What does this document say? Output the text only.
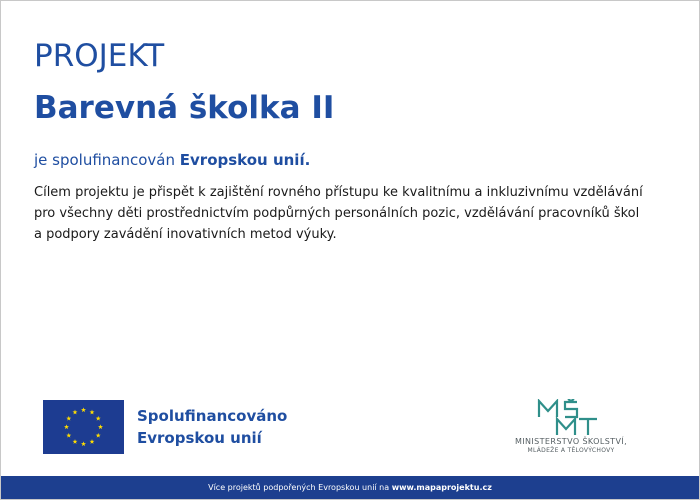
PROJEKT
Barevná školka II
je spolufinancován Evropskou unií.
Cílem projektu je přispět k zajištění rovného přístupu ke kvalitnímu a inkluzivnímu vzdělávání
pro všechny děti prostřednictvím podpůrných personálních pozic, vzdělávání pracovníků škol
a podpory zavádění inovativních metod výuky.
Spolufinancováno
Evropskou unií	MINISTERSTVO ŠKOLSTVÍ,
MLÁDEŽE A TĚLOVÝCHOVY
Více projektů podpořených Evropskou unií na www.mapaprojektu.cz
